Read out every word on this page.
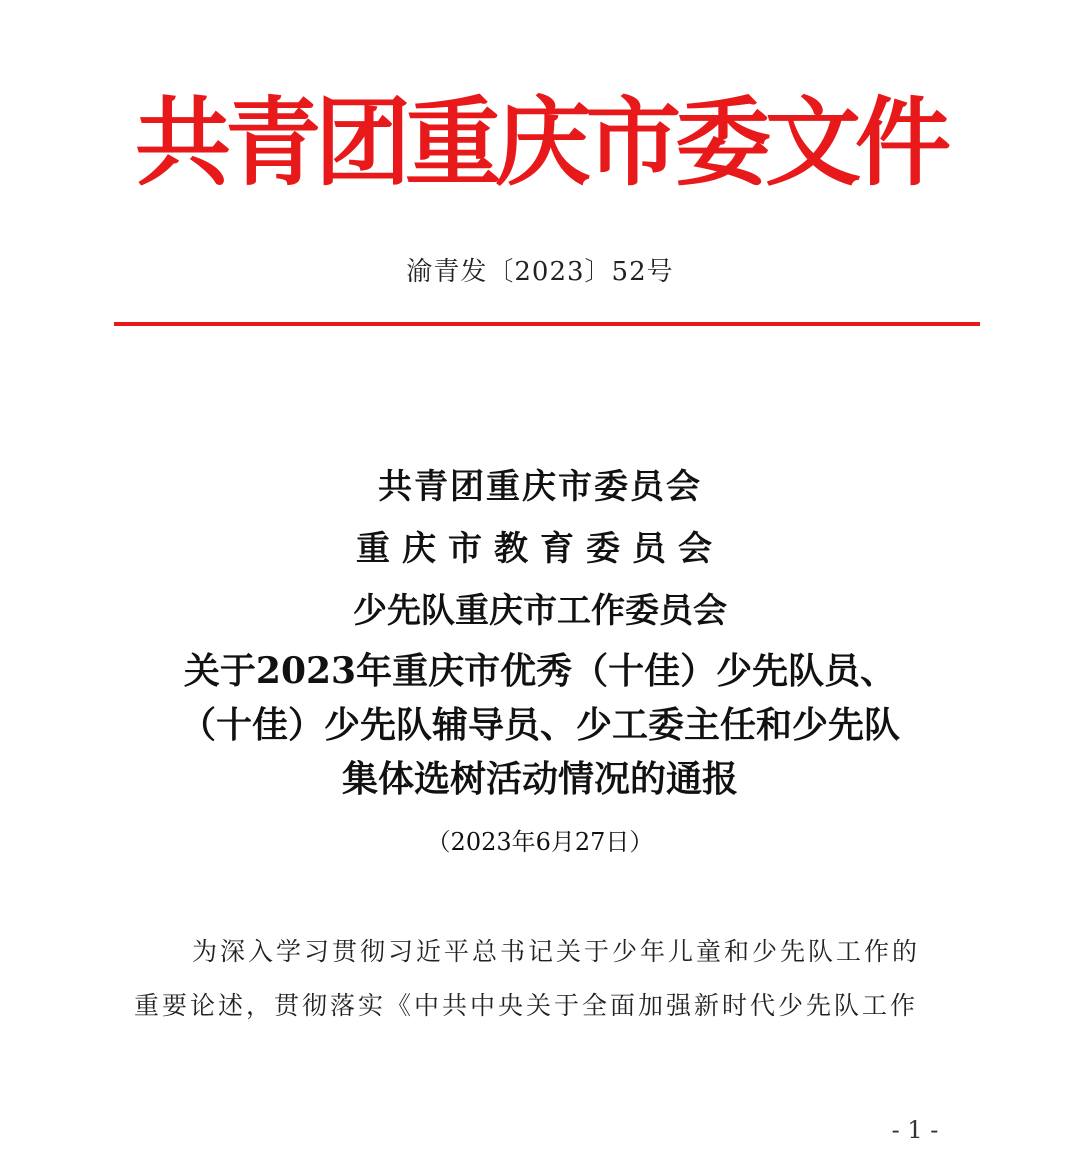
共青团重庆市委文件
渝青发〔2023〕52号
共青团重庆市委员会
重庆市教育委员会
少先队重庆市工作委员会
关于2023年重庆市优秀（十佳）少先队员、
（十佳）少先队辅导员、少工委主任和少先队
集体选树活动情况的通报
（2023年6月27日）
为深入学习贯彻习近平总书记关于少年儿童和少先队工作的
重要论述，贯彻落实《中共中央关于全面加强新时代少先队工作
- 1 -
